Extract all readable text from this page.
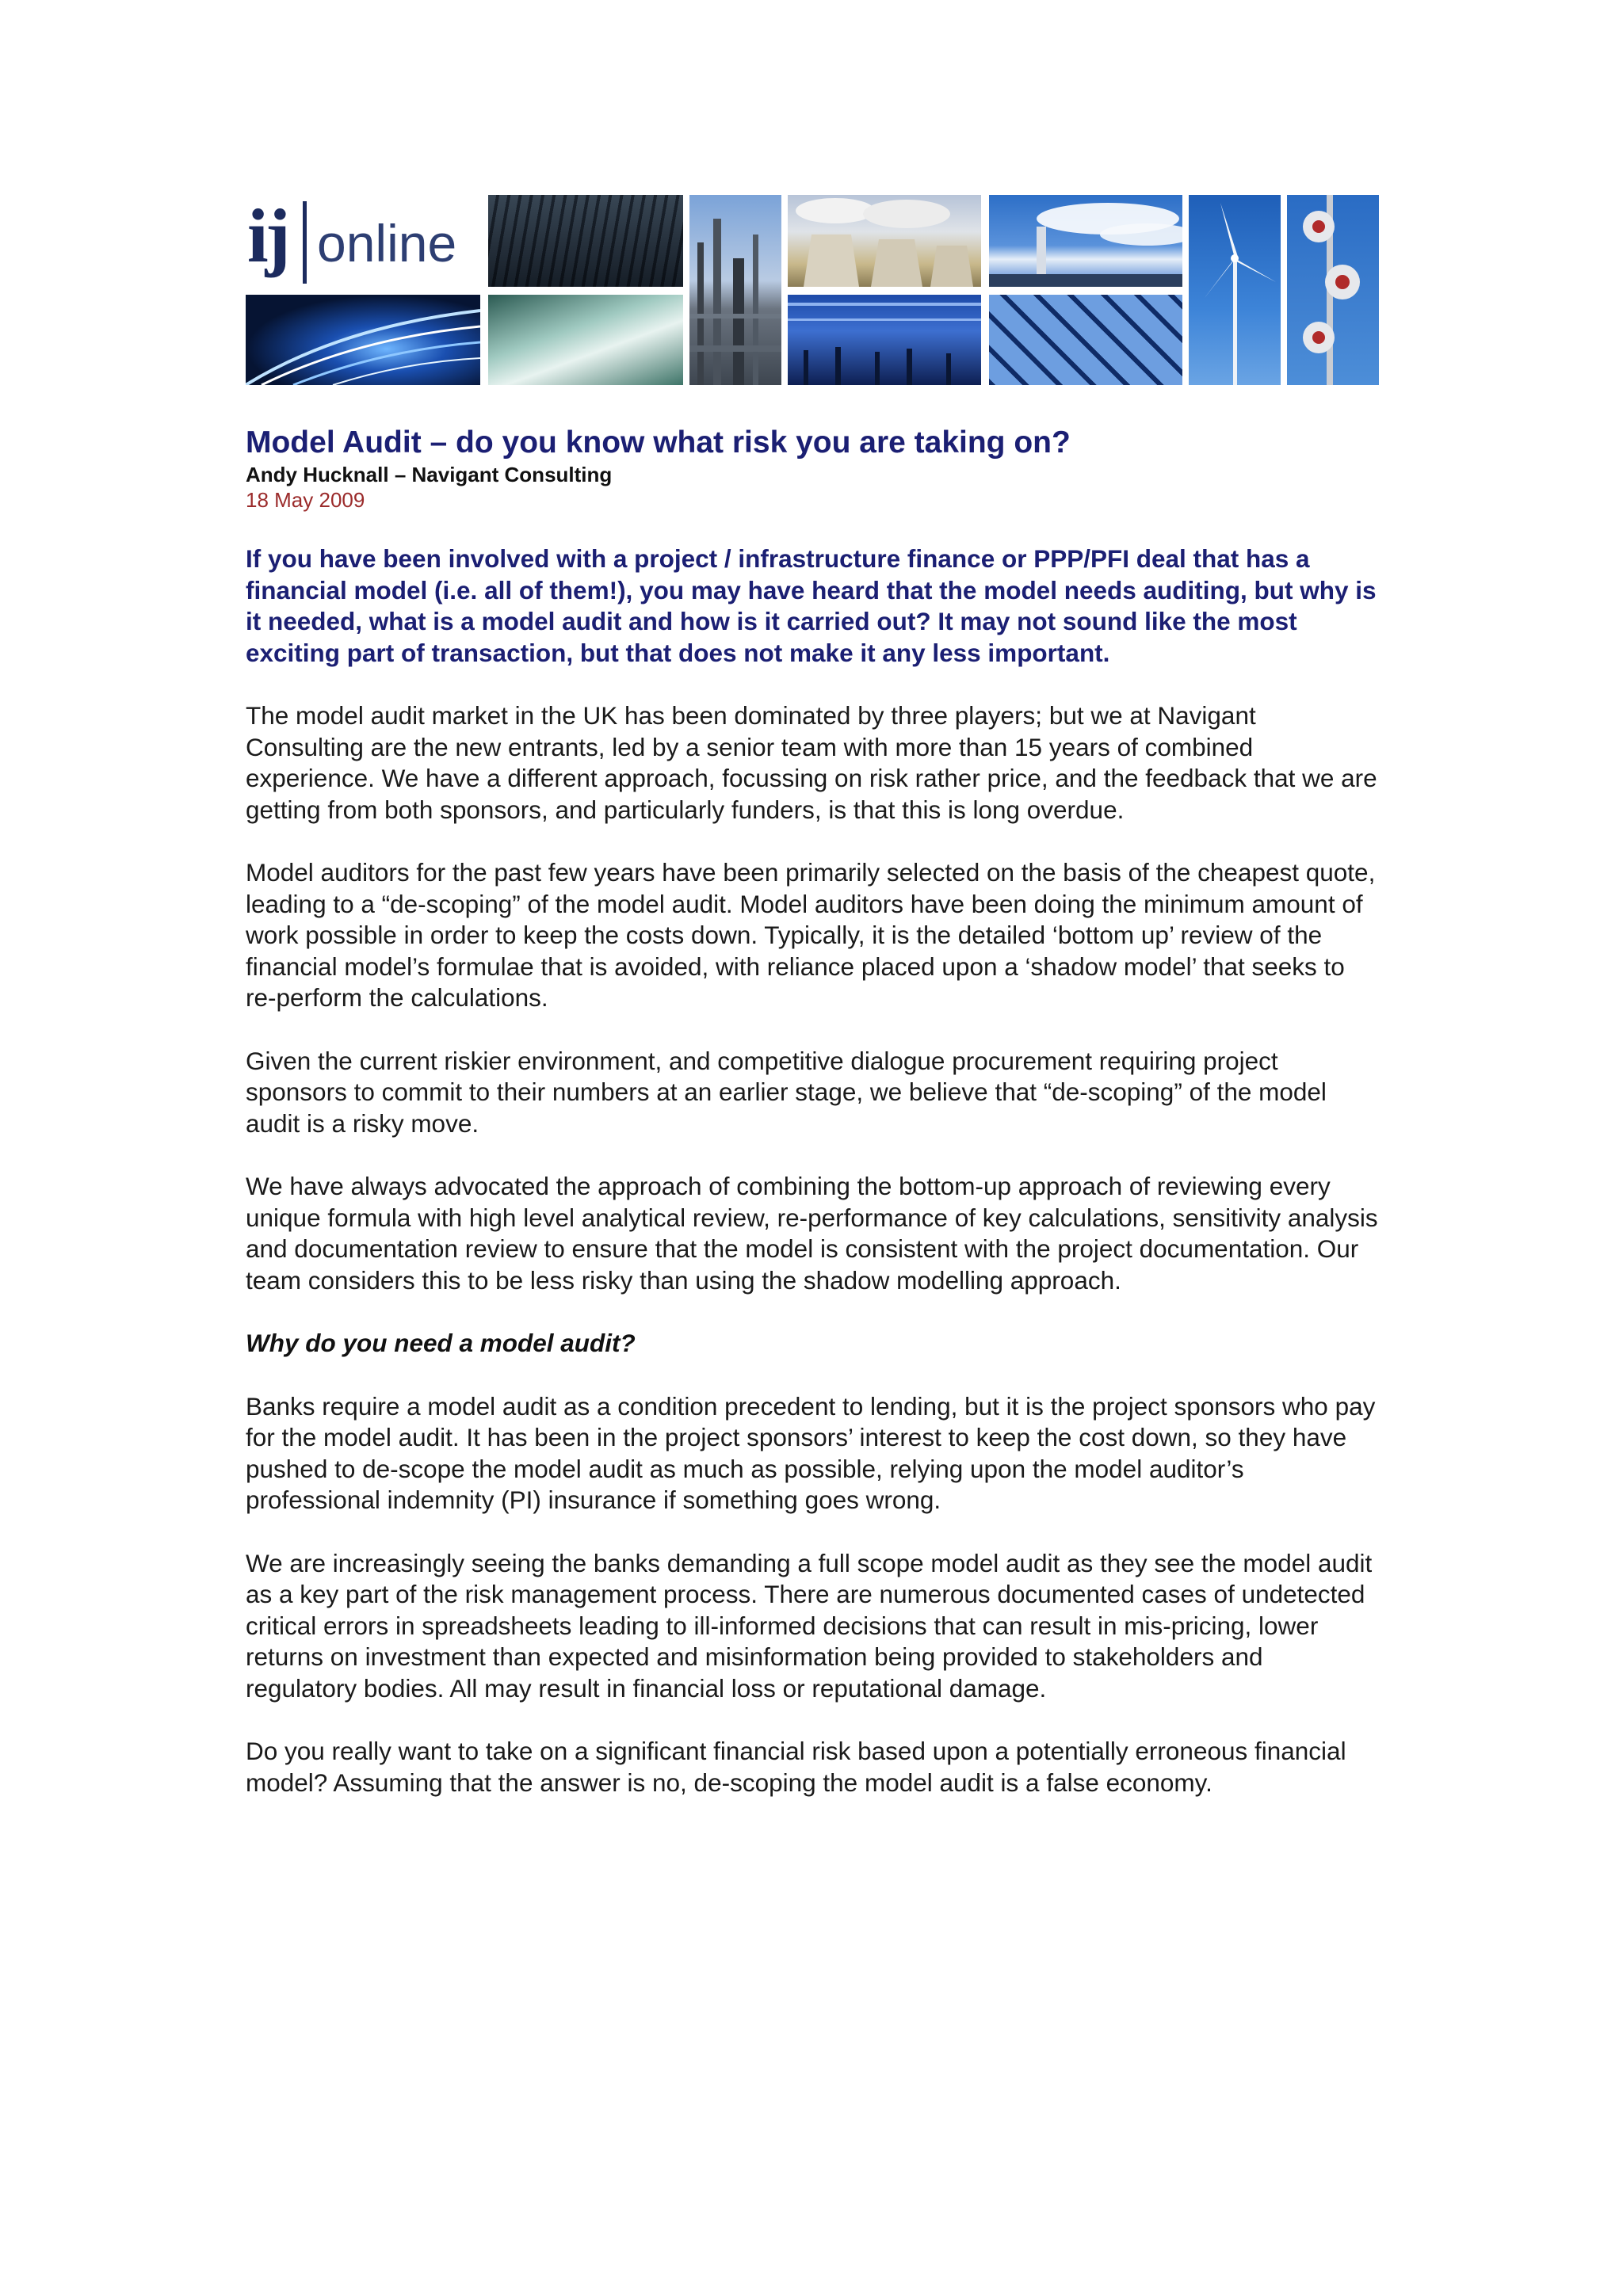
ij online
Model Audit – do you know what risk you are taking on?
Andy Hucknall – Navigant Consulting
18 May 2009
If you have been involved with a project / infrastructure finance or PPP/PFI deal that has a financial model (i.e. all of them!), you may have heard that the model needs auditing, but why is it needed, what is a model audit and how is it carried out? It may not sound like the most exciting part of transaction, but that does not make it any less important.
The model audit market in the UK has been dominated by three players; but we at Navigant Consulting are the new entrants, led by a senior team with more than 15 years of combined experience. We have a different approach, focussing on risk rather price, and the feedback that we are getting from both sponsors, and particularly funders, is that this is long overdue.
Model auditors for the past few years have been primarily selected on the basis of the cheapest quote, leading to a “de-scoping” of the model audit. Model auditors have been doing the minimum amount of work possible in order to keep the costs down. Typically, it is the detailed ‘bottom up’ review of the financial model’s formulae that is avoided, with reliance placed upon a ‘shadow model’ that seeks to re-perform the calculations.
Given the current riskier environment, and competitive dialogue procurement requiring project sponsors to commit to their numbers at an earlier stage, we believe that “de-scoping” of the model audit is a risky move.
We have always advocated the approach of combining the bottom-up approach of reviewing every unique formula with high level analytical review, re-performance of key calculations, sensitivity analysis and documentation review to ensure that the model is consistent with the project documentation. Our team considers this to be less risky than using the shadow modelling approach.
Why do you need a model audit?
Banks require a model audit as a condition precedent to lending, but it is the project sponsors who pay for the model audit. It has been in the project sponsors’ interest to keep the cost down, so they have pushed to de-scope the model audit as much as possible, relying upon the model auditor’s professional indemnity (PI) insurance if something goes wrong.
We are increasingly seeing the banks demanding a full scope model audit as they see the model audit as a key part of the risk management process. There are numerous documented cases of undetected critical errors in spreadsheets leading to ill-informed decisions that can result in mis-pricing, lower returns on investment than expected and misinformation being provided to stakeholders and regulatory bodies. All may result in financial loss or reputational damage.
Do you really want to take on a significant financial risk based upon a potentially erroneous financial model? Assuming that the answer is no, de-scoping the model audit is a false economy.
